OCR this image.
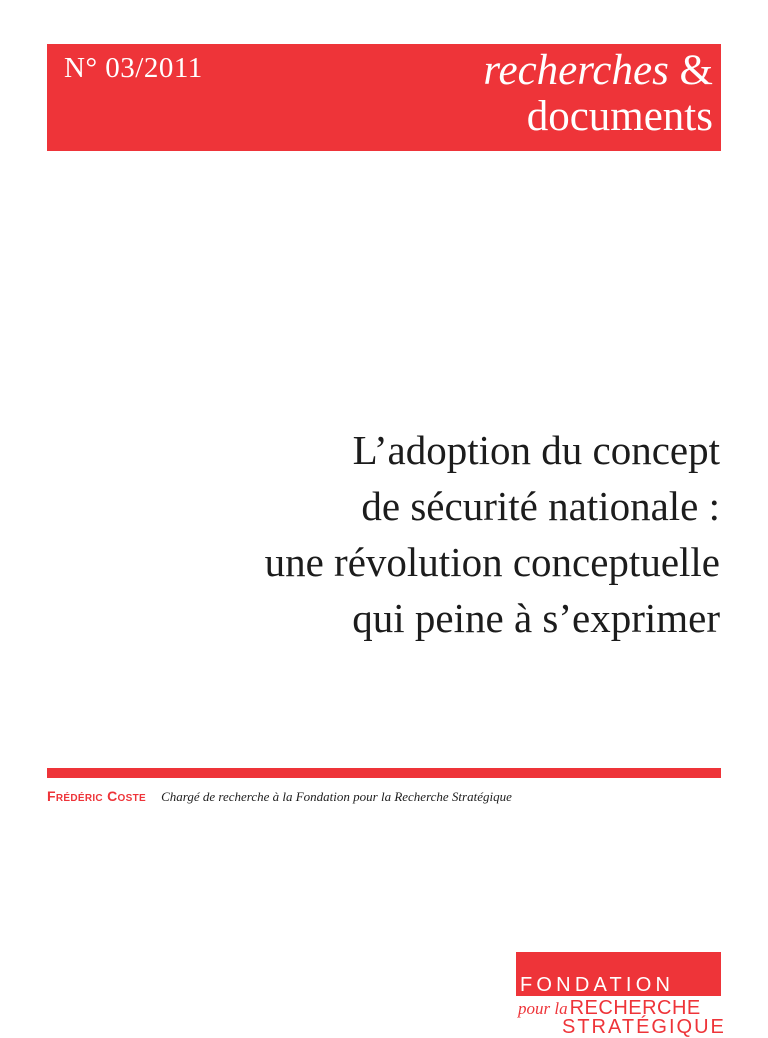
N° 03/2011	recherches &
documents
L’adoption du concept
de sécurité nationale :
une révolution conceptuelle
qui peine à s’exprimer
Frédéric Coste Chargé de recherche à la Fondation pour la Recherche Stratégique
FONDATION
pour la RECHERCHE
STRATÉGIQUE
